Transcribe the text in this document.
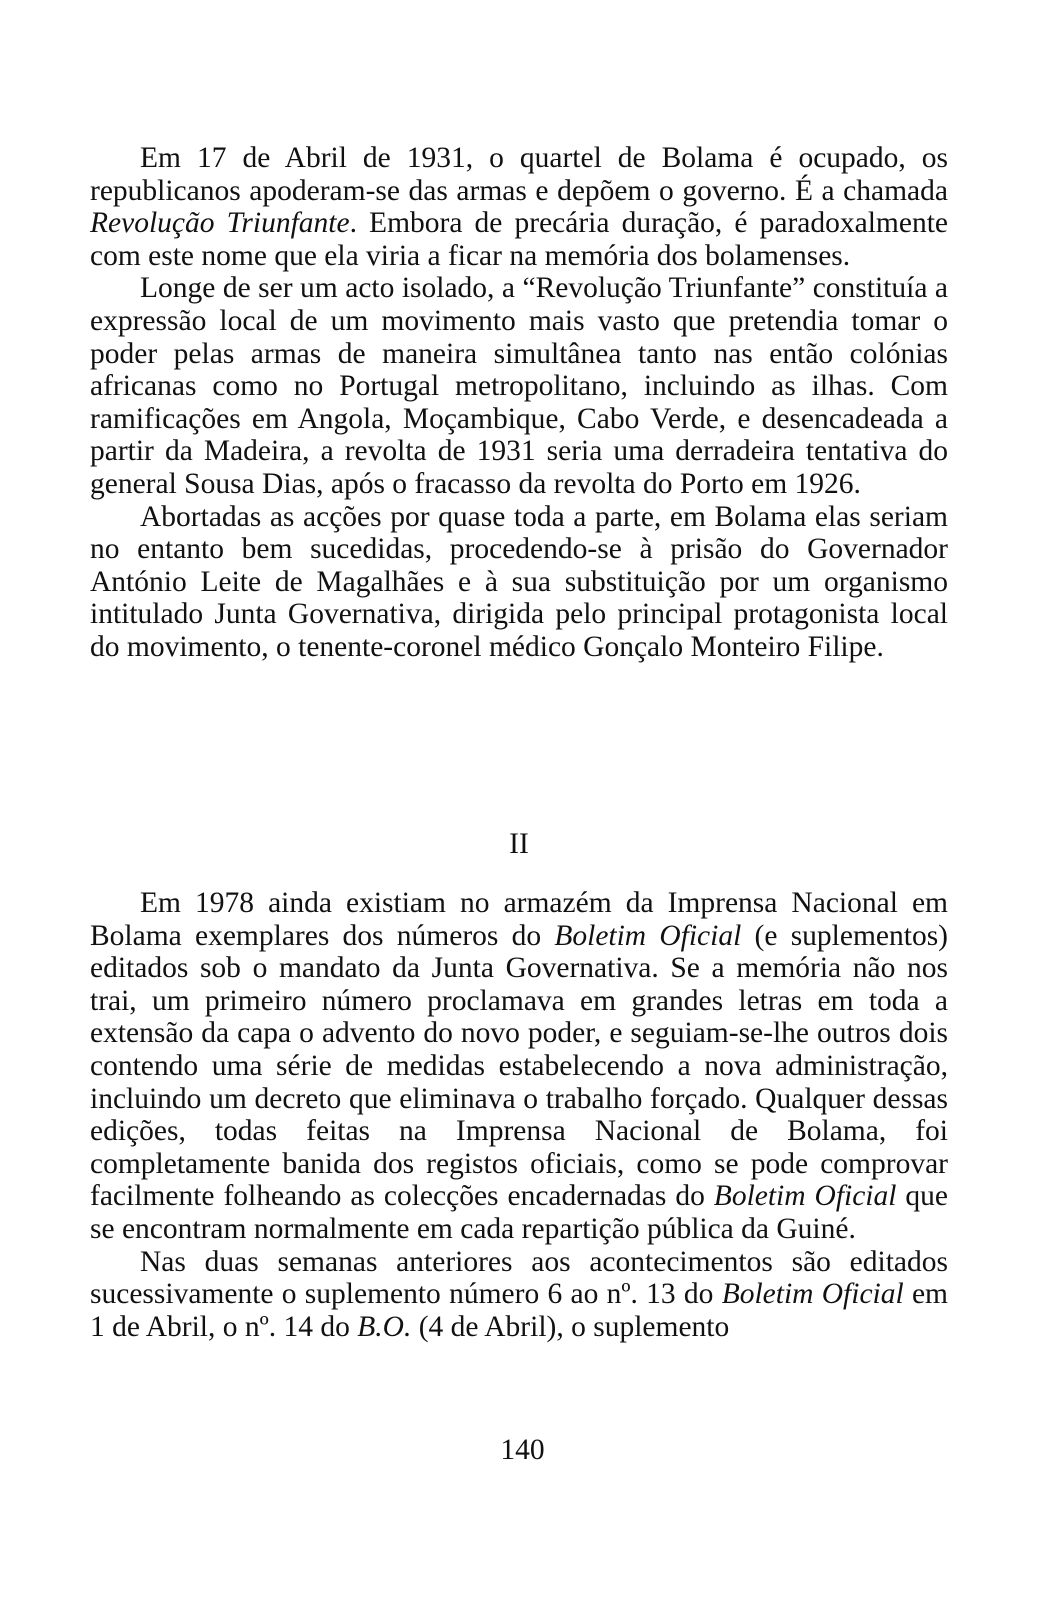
Em 17 de Abril de 1931, o quartel de Bolama é ocupado, os republicanos apoderam-se das armas e depõem o governo. É a chamada Revolução Triunfante. Embora de precária duração, é paradoxalmente com este nome que ela viria a ficar na memória dos bolamenses.

Longe de ser um acto isolado, a “Revolução Triunfante” constituía a expressão local de um movimento mais vasto que pretendia tomar o poder pelas armas de maneira simultânea tanto nas então colónias africanas como no Portugal metropolitano, incluindo as ilhas. Com ramificações em Angola, Moçambique, Cabo Verde, e desencadeada a partir da Madeira, a revolta de 1931 seria uma derradeira tentativa do general Sousa Dias, após o fracasso da revolta do Porto em 1926.

Abortadas as acções por quase toda a parte, em Bolama elas seriam no entanto bem sucedidas, procedendo-se à prisão do Governador António Leite de Magalhães e à sua substituição por um organismo intitulado Junta Governativa, dirigida pelo principal protagonista local do movimento, o tenente-coronel médico Gonçalo Monteiro Filipe.

II

Em 1978 ainda existiam no armazém da Imprensa Nacional em Bolama exemplares dos números do Boletim Oficial (e suplementos) editados sob o mandato da Junta Governativa. Se a memória não nos trai, um primeiro número proclamava em grandes letras em toda a extensão da capa o advento do novo poder, e seguiam-se-lhe outros dois contendo uma série de medidas estabelecendo a nova administração, incluindo um decreto que eliminava o trabalho forçado. Qualquer dessas edições, todas feitas na Imprensa Nacional de Bolama, foi completamente banida dos registos oficiais, como se pode comprovar facilmente folheando as colecções encadernadas do Boletim Oficial que se encontram normalmente em cada repartição pública da Guiné.

Nas duas semanas anteriores aos acontecimentos são editados sucessivamente o suplemento número 6 ao nº. 13 do Boletim Oficial em 1 de Abril, o nº. 14 do B.O. (4 de Abril), o suplemento

140
